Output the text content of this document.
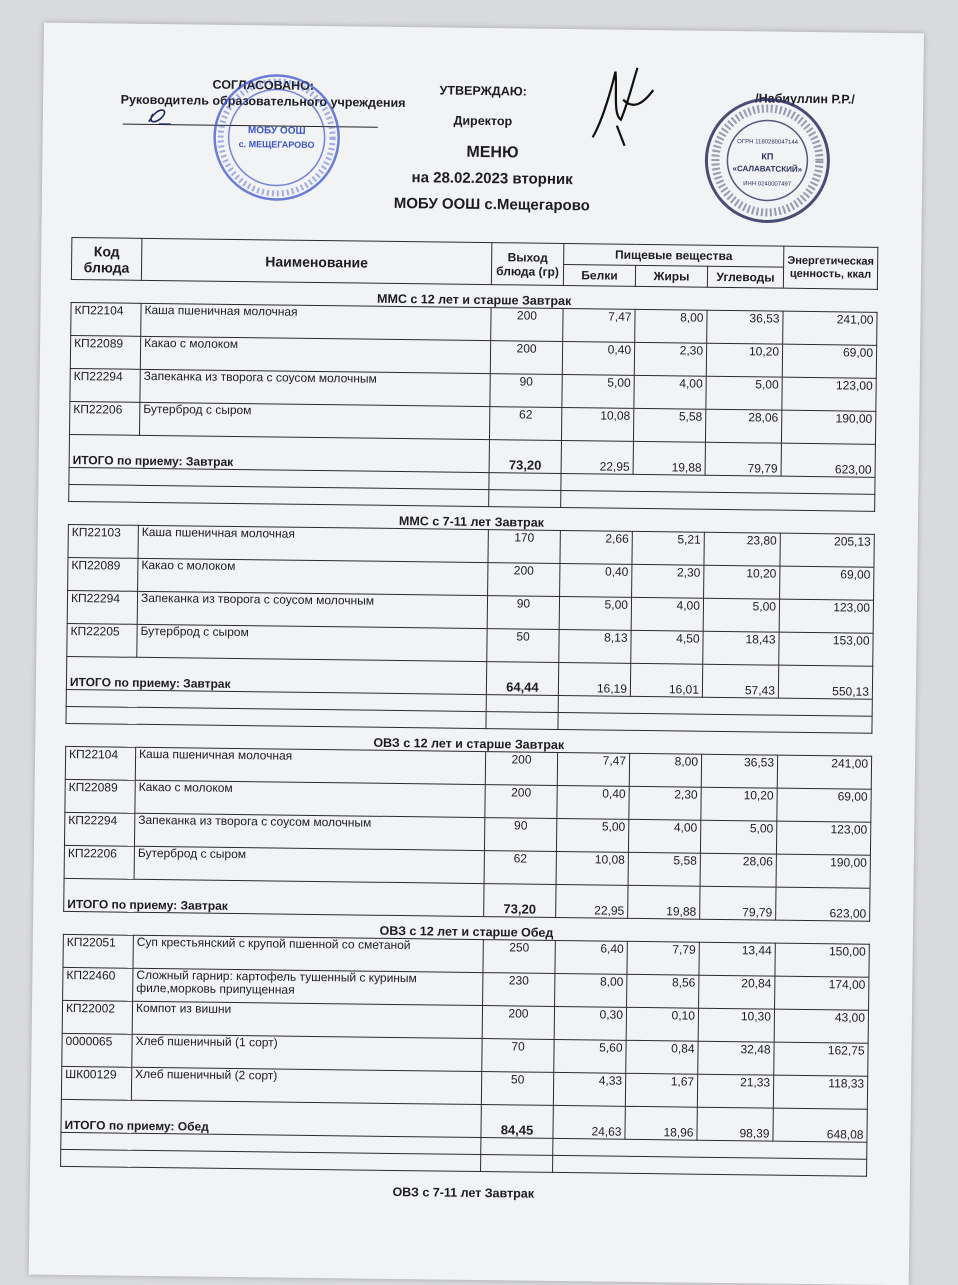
СОГЛАСОВАНО:
Руководитель образовательного учреждения
УТВЕРЖДАЮ:
Директор
/Набиуллин Р.Р./
МЕНЮ
на 28.02.2023 вторник
МОБУ ООШ с.Мещегарово
МОБУ ООШ
с. МЕЩЕГАРОВО	ОГРН 1180280047144
КП
«САЛАВАТСКИЙ»
ИНН 0240007497
Код блюда	Наименование	Выход блюда (гр)	Пищевые вещества			Энергетическая ценность, ккал
			Белки	Жиры	Углеводы	
ММС с 12 лет и старше Завтрак						
КП22104	Каша пшеничная молочная	200	7,47	8,00	36,53	241,00
КП22089	Какао с молоком	200	0,40	2,30	10,20	69,00
КП22294	Запеканка из творога с соусом молочным	90	5,00	4,00	5,00	123,00
КП22206	Бутерброд с сыром	62	10,08	5,58	28,06	190,00
ИТОГО по приему: Завтрак		73,20	22,95	19,88	79,79	623,00

ММС с 7-11 лет Завтрак						
КП22103	Каша пшеничная молочная	170	2,66	5,21	23,80	205,13
КП22089	Какао с молоком	200	0,40	2,30	10,20	69,00
КП22294	Запеканка из творога с соусом молочным	90	5,00	4,00	5,00	123,00
КП22205	Бутерброд с сыром	50	8,13	4,50	18,43	153,00
ИТОГО по приему: Завтрак		64,44	16,19	16,01	57,43	550,13

ОВЗ с 12 лет и старше Завтрак						
КП22104	Каша пшеничная молочная	200	7,47	8,00	36,53	241,00
КП22089	Какао с молоком	200	0,40	2,30	10,20	69,00
КП22294	Запеканка из творога с соусом молочным	90	5,00	4,00	5,00	123,00
КП22206	Бутерброд с сыром	62	10,08	5,58	28,06	190,00
ИТОГО по приему: Завтрак		73,20	22,95	19,88	79,79	623,00
ОВЗ с 12 лет и старше Обед						
КП22051	Суп крестьянский с крупой пшенной со сметаной	250	6,40	7,79	13,44	150,00
КП22460	Сложный гарнир: картофель тушенный с куриным филе,морковь припущенная	230	8,00	8,56	20,84	174,00
КП22002	Компот из вишни	200	0,30	0,10	10,30	43,00
0000065	Хлеб пшеничный (1 сорт)	70	5,60	0,84	32,48	162,75
ШК00129	Хлеб пшеничный (2 сорт)	50	4,33	1,67	21,33	118,33
ИТОГО по приему: Обед		84,45	24,63	18,96	98,39	648,08

ОВЗ с 7-11 лет Завтрак						
